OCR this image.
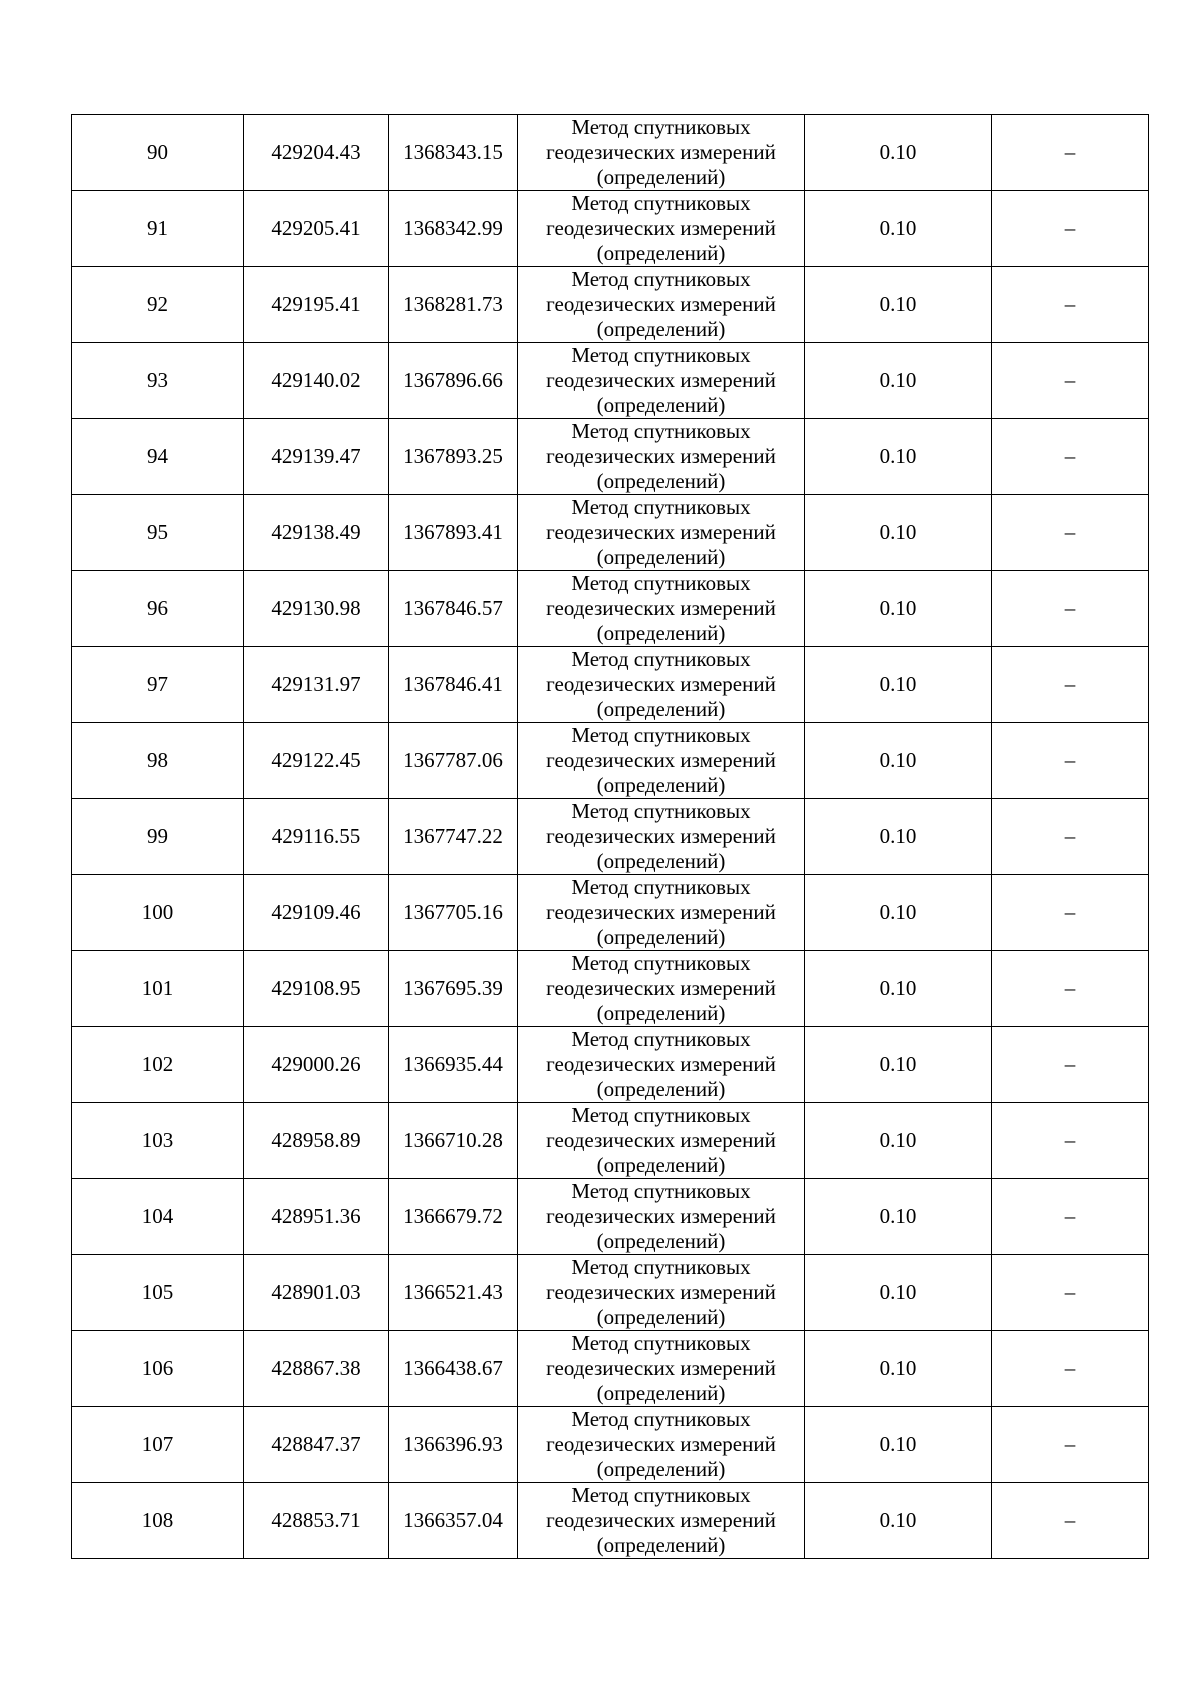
90	429204.43	1368343.15	Метод спутниковых геодезических измерений (определений)	0.10	–
91	429205.41	1368342.99	Метод спутниковых геодезических измерений (определений)	0.10	–
92	429195.41	1368281.73	Метод спутниковых геодезических измерений (определений)	0.10	–
93	429140.02	1367896.66	Метод спутниковых геодезических измерений (определений)	0.10	–
94	429139.47	1367893.25	Метод спутниковых геодезических измерений (определений)	0.10	–
95	429138.49	1367893.41	Метод спутниковых геодезических измерений (определений)	0.10	–
96	429130.98	1367846.57	Метод спутниковых геодезических измерений (определений)	0.10	–
97	429131.97	1367846.41	Метод спутниковых геодезических измерений (определений)	0.10	–
98	429122.45	1367787.06	Метод спутниковых геодезических измерений (определений)	0.10	–
99	429116.55	1367747.22	Метод спутниковых геодезических измерений (определений)	0.10	–
100	429109.46	1367705.16	Метод спутниковых геодезических измерений (определений)	0.10	–
101	429108.95	1367695.39	Метод спутниковых геодезических измерений (определений)	0.10	–
102	429000.26	1366935.44	Метод спутниковых геодезических измерений (определений)	0.10	–
103	428958.89	1366710.28	Метод спутниковых геодезических измерений (определений)	0.10	–
104	428951.36	1366679.72	Метод спутниковых геодезических измерений (определений)	0.10	–
105	428901.03	1366521.43	Метод спутниковых геодезических измерений (определений)	0.10	–
106	428867.38	1366438.67	Метод спутниковых геодезических измерений (определений)	0.10	–
107	428847.37	1366396.93	Метод спутниковых геодезических измерений (определений)	0.10	–
108	428853.71	1366357.04	Метод спутниковых геодезических измерений (определений)	0.10	–
